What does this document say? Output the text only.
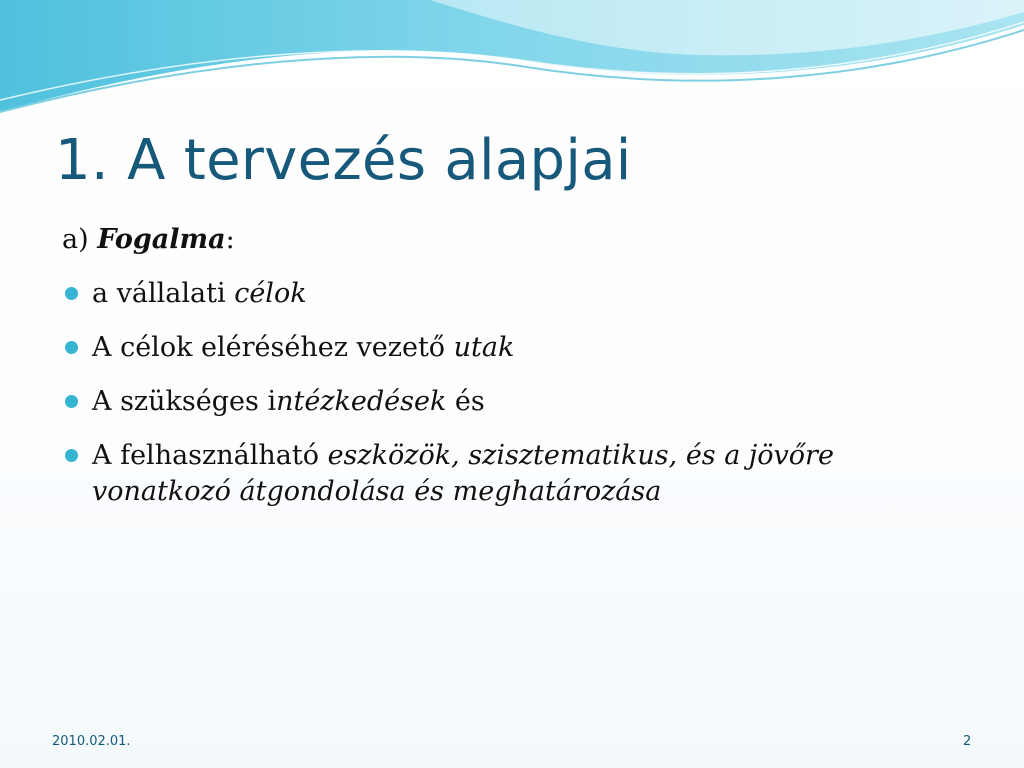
1. A tervezés alapjai
a) Fogalma:
a vállalati célok
A célok eléréséhez vezető utak
A szükséges intézkedések és
A felhasználható eszközök, szisztematikus, és a jövőre
vonatkozó átgondolása és meghatározása
2010.02.01.	2
